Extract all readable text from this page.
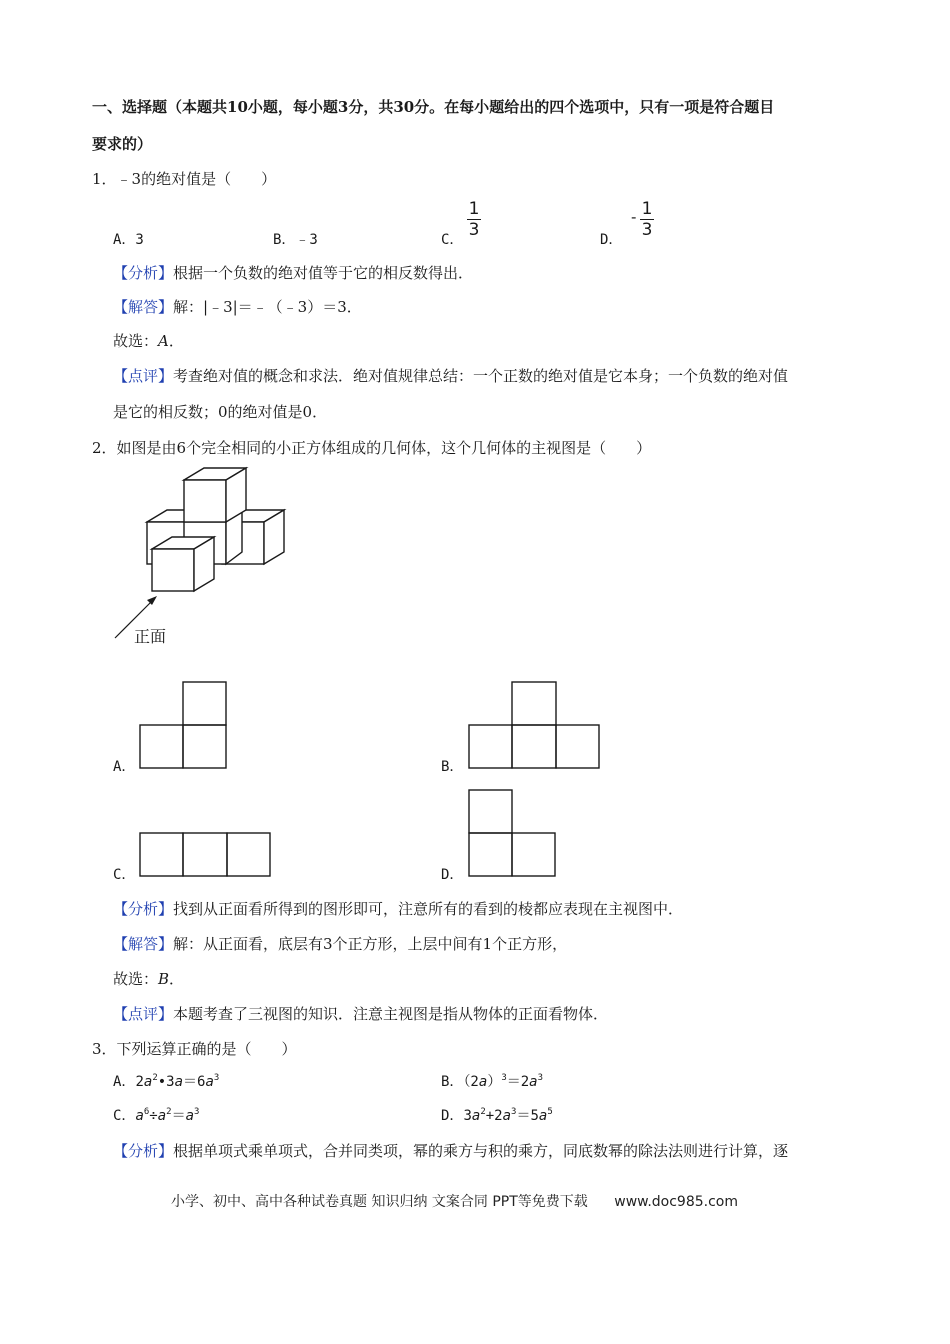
一、选择题（本题共10小题，每小题3分，共30分。在每小题给出的四个选项中，只有一项是符合题目
要求的）
1．﹣3的绝对值是（　　）
A．3	B．﹣3	C．
1
3	D．
- 1
3
【分析】根据一个负数的绝对值等于它的相反数得出．
【解答】解：|﹣3|＝﹣（﹣3）＝3．
故选：A．
【点评】考查绝对值的概念和求法．绝对值规律总结：一个正数的绝对值是它本身；一个负数的绝对值
是它的相反数；0的绝对值是0．
2．如图是由6个完全相同的小正方体组成的几何体，这个几何体的主视图是（　　）
正面
A．	B．
C．	D．
【分析】找到从正面看所得到的图形即可，注意所有的看到的棱都应表现在主视图中．
【解答】解：从正面看，底层有3个正方形，上层中间有1个正方形，
故选：B．
【点评】本题考查了三视图的知识．注意主视图是指从物体的正面看物体．
3．下列运算正确的是（　　）
A．$2a^2•3a=6a^3$	B．$(2a)^3=2a^3$
C．$a^6\div a^2=a^3$	D．$3a^2+2a^3=5a^5$
【分析】根据单项式乘单项式，合并同类项，幂的乘方与积的乘方，同底数幂的除法法则进行计算，逐
小学、初中、高中各种试卷真题 知识归纳 文案合同 PPT等免费下载 www.doc985.com
